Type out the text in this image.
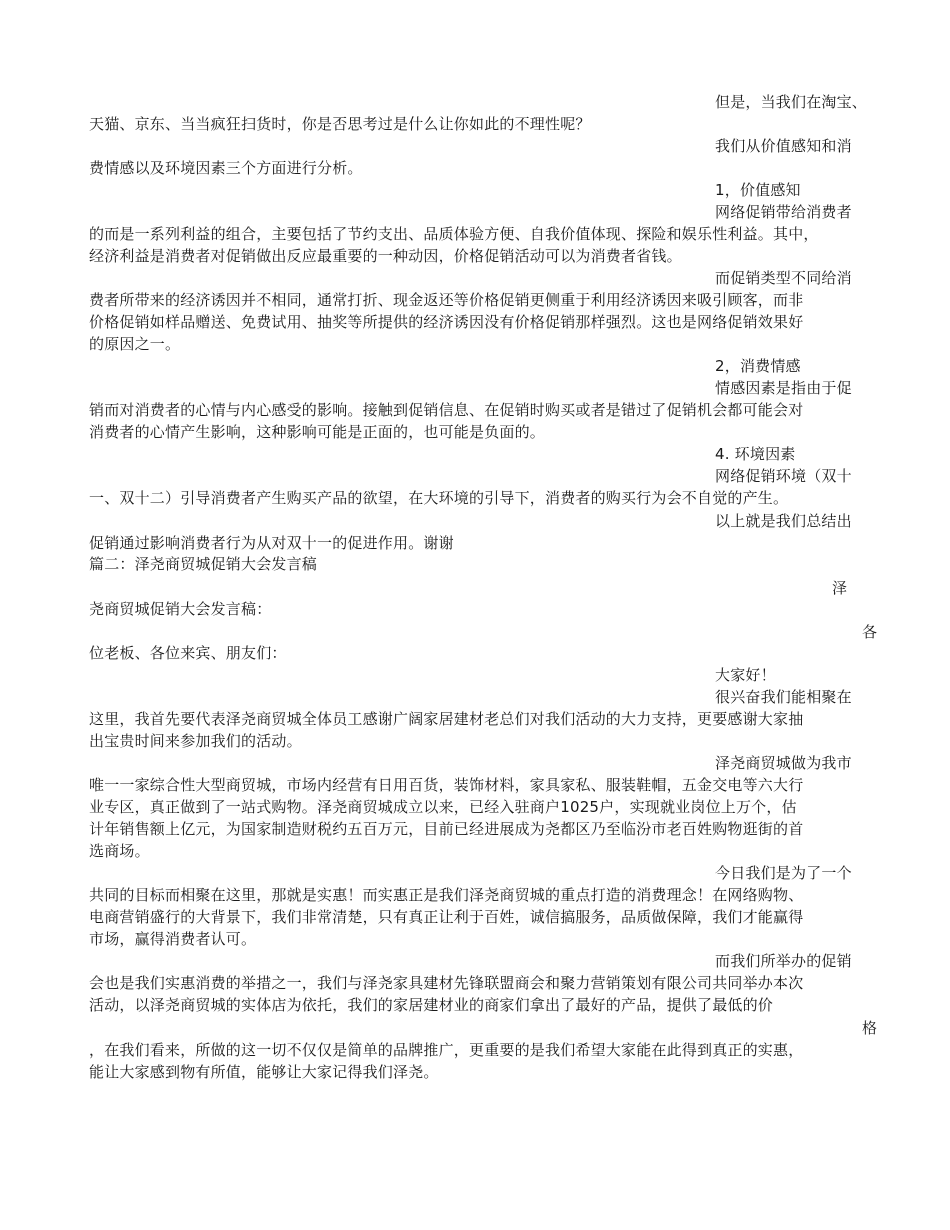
但是，当我们在淘宝、
天猫、京东、当当疯狂扫货时，你是否思考过是什么让你如此的不理性呢？
我们从价值感知和消
费情感以及环境因素三个方面进行分析。
1，价值感知
网络促销带给消费者
的而是一系列利益的组合，主要包括了节约支出、品质体验方便、自我价值体现、探险和娱乐性利益。其中，
经济利益是消费者对促销做出反应最重要的一种动因，价格促销活动可以为消费者省钱。
而促销类型不同给消
费者所带来的经济诱因并不相同，通常打折、现金返还等价格促销更侧重于利用经济诱因来吸引顾客，而非
价格促销如样品赠送、免费试用、抽奖等所提供的经济诱因没有价格促销那样强烈。这也是网络促销效果好
的原因之一。
2，消费情感
情感因素是指由于促
销而对消费者的心情与内心感受的影响。接触到促销信息、在促销时购买或者是错过了促销机会都可能会对
消费者的心情产生影响，这种影响可能是正面的，也可能是负面的。
4. 环境因素
网络促销环境（双十
一、双十二）引导消费者产生购买产品的欲望，在大环境的引导下，消费者的购买行为会不自觉的产生。
以上就是我们总结出
促销通过影响消费者行为从对双十一的促进作用。谢谢
篇二：泽尧商贸城促销大会发言稿
泽
尧商贸城促销大会发言稿：
各
位老板、各位来宾、朋友们：
大家好！
很兴奋我们能相聚在
这里，我首先要代表泽尧商贸城全体员工感谢广阔家居建材老总们对我们活动的大力支持，更要感谢大家抽
出宝贵时间来参加我们的活动。
泽尧商贸城做为我市
唯一一家综合性大型商贸城，市场内经营有日用百货，装饰材料，家具家私、服装鞋帽，五金交电等六大行
业专区，真正做到了一站式购物。泽尧商贸城成立以来，已经入驻商户1025户，实现就业岗位上万个，估
计年销售额上亿元，为国家制造财税约五百万元，目前已经进展成为尧都区乃至临汾市老百姓购物逛街的首
选商场。
今日我们是为了一个
共同的目标而相聚在这里，那就是实惠！而实惠正是我们泽尧商贸城的重点打造的消费理念！在网络购物、
电商营销盛行的大背景下，我们非常清楚，只有真正让利于百姓，诚信搞服务，品质做保障，我们才能赢得
市场，赢得消费者认可。
而我们所举办的促销
会也是我们实惠消费的举措之一，我们与泽尧家具建材先锋联盟商会和聚力营销策划有限公司共同举办本次
活动，以泽尧商贸城的实体店为依托，我们的家居建材业的商家们拿出了最好的产品，提供了最低的价
格
，在我们看来，所做的这一切不仅仅是简单的品牌推广，更重要的是我们希望大家能在此得到真正的实惠，
能让大家感到物有所值，能够让大家记得我们泽尧。
